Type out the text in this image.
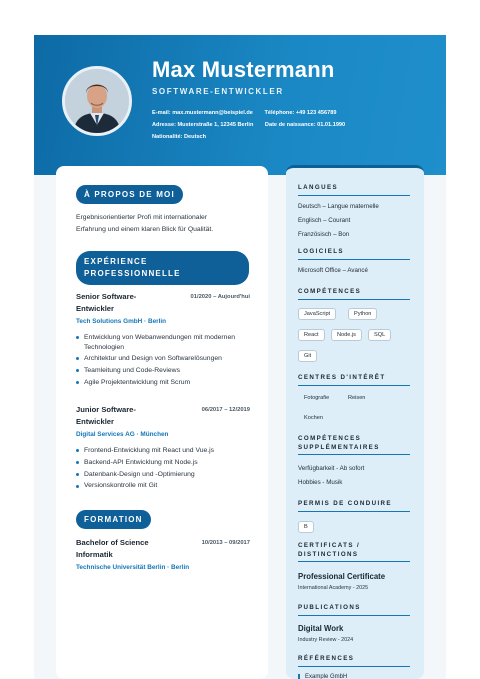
Max Mustermann
SOFTWARE-ENTWICKLER
E-mail: max.mustermann@beispiel.de Téléphone: +49 123 456789
Adresse: Musterstraße 1, 12345 Berlin Date de naissance: 01.01.1990
Nationalité: Deutsch
À PROPOS DE MOI
Ergebnisorientierter Profi mit internationaler
Erfahrung und einem klaren Blick für Qualität.
EXPÉRIENCE PROFESSIONNELLE
Senior Software-
Entwickler
01/2020 – Aujourd'hui
Tech Solutions GmbH · Berlin
Entwicklung von Webanwendungen mit modernen Technologien
Architektur und Design von Softwarelösungen
Teamleitung und Code-Reviews
Agile Projektentwicklung mit Scrum
Junior Software-
Entwickler
06/2017 – 12/2019
Digital Services AG · München
Frontend-Entwicklung mit React und Vue.js
Backend-API Entwicklung mit Node.js
Datenbank-Design und -Optimierung
Versionskontrolle mit Git
FORMATION
Bachelor of Science
Informatik
10/2013 – 09/2017
Technische Universität Berlin · Berlin
LANGUES
Deutsch – Langue maternelle
Englisch – Courant
Französisch – Bon
LOGICIELS
Microsoft Office – Avancé
COMPÉTENCES
JavaScript	Python
React	Node.js	SQL
Git
CENTRES D'INTÉRÊT
Fotografie	Reisen
Kochen
COMPÉTENCES
SUPPLÉMENTAIRES
Verfügbarkeit - Ab sofort
Hobbies - Musik
PERMIS DE CONDUIRE
B
CERTIFICATS /
DISTINCTIONS
Professional Certificate
International Academy - 2025
PUBLICATIONS
Digital Work
Industry Review - 2024
RÉFÉRENCES
Example GmbH
